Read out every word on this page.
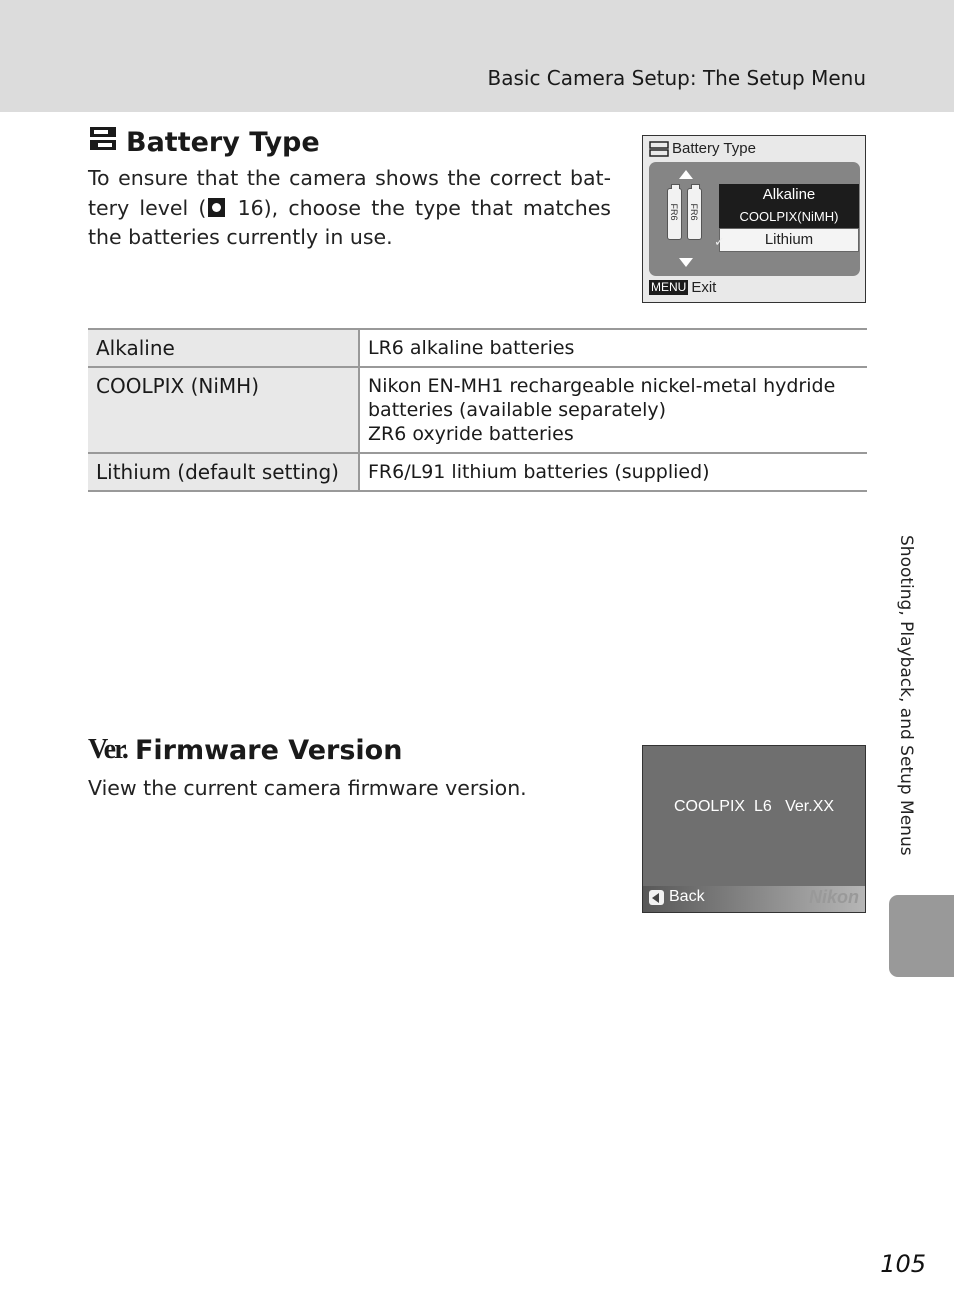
Basic Camera Setup: The Setup Menu
Battery Type
To ensure that the camera shows the correct bat-tery level ( 16), choose the type that matches the batteries currently in use.
Battery Type
FR6 FR6
Alkaline
COOLPIX(NiMH)
✓	Lithium
MENU Exit
Alkaline	LR6 alkaline batteries

COOLPIX (NiMH)	Nikon EN-MH1 rechargeable nickel-metal hydride
batteries (available separately)
ZR6 oxyride batteries

Lithium (default setting)	FR6/L91 lithium batteries (supplied)
Ver. Firmware Version
View the current camera firmware version.
COOLPIX  L6   Ver.XX
Back	Nikon
Shooting, Playback, and Setup Menus
105
